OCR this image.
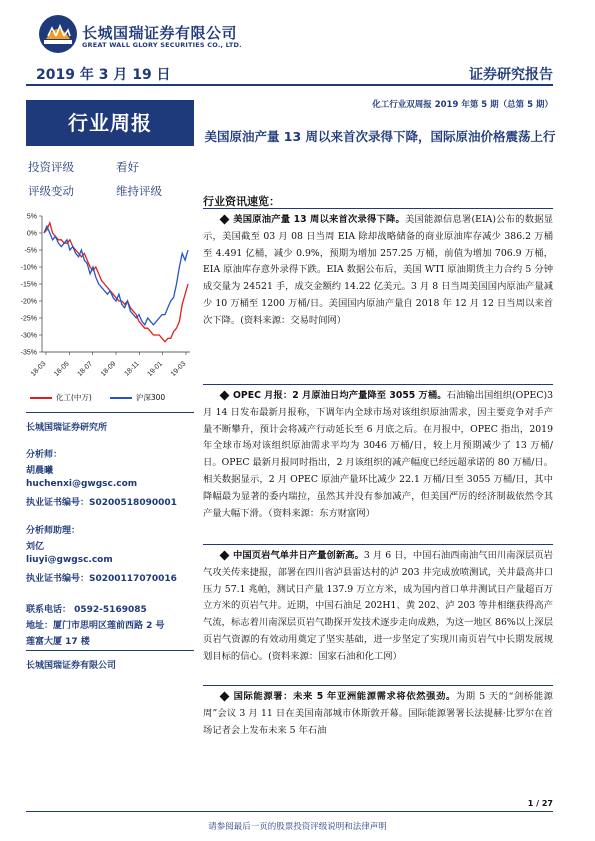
长城国瑞证券有限公司
GREAT WALL GLORY SECURITIES CO., LTD.
2019 年 3 月 19 日	证券研究报告
化工行业双周报 2019 年第 5 期（总第 5 期）
行业周报
美国原油产量 13 周以来首次录得下降，国际原油价格震荡上行
投资评级	看好
评级变动	维持评级
5%
0%
-5%
-10%
-15%
-20%
-25%
-30%
-35%
18-03 18-05 18-07 18-09 18-11 19-01 19-03
化工(中万)	沪深300
长城国瑞证券研究所
分析师：
胡晨曦
huchenxi@gwgsc.com
执业证书编号：S0200518090001
分析师助理：
刘亿
liuyi@gwgsc.com
执业证书编号：S0200117070016
联系电话： 0592-5169085
地址：厦门市思明区莲前西路 2 号
莲富大厦 17 楼
长城国瑞证券有限公司
行业资讯速览：
美国原油产量 13 周以来首次录得下降。美国能源信息署(EIA)公布的数据显示，美国截至 03 月 08 日当周 EIA 除却战略储备的商业原油库存减少 386.2 万桶至 4.491 亿桶，减少 0.9%，预期为增加 257.25 万桶，前值为增加 706.9 万桶，EIA 原油库存意外录得下跌。EIA 数据公布后，美国 WTI 原油期货主力合约 5 分钟成交量为 24521 手，成交金额约 14.22 亿美元。3 月 8 日当周美国国内原油产量减少 10 万桶至 1200 万桶/日。美国国内原油产量自 2018 年 12 月 12 日当周以来首次下降。(资料来源：交易时间网）
OPEC 月报：2 月原油日均产量降至 3055 万桶。石油输出国组织(OPEC)3 月 14 日发布最新月报称，下调年内全球市场对该组织原油需求，因主要竞争对手产量不断攀升，预计会将减产行动延长至 6 月底之后。在月报中，OPEC 指出，2019 年全球市场对该组织原油需求平均为 3046 万桶/日，较上月预期减少了 13 万桶/日。OPEC 最新月报同时指出，2 月该组织的减产幅度已经远超承诺的 80 万桶/日。相关数据显示，2 月 OPEC 原油产量环比减少 22.1 万桶/日至 3055 万桶/日，其中降幅最为显著的委内瑞拉，虽然其并没有参加减产，但美国严厉的经济制裁依然令其产量大幅下滑。（资料来源：东方财富网）
中国页岩气单井日产量创新高。3 月 6 日，中国石油西南油气田川南深层页岩气攻关传来捷报，部署在四川省泸县雷达村的泸 203 井完成放喷测试，关井最高井口压力 57.1 兆帕，测试日产量 137.9 万立方米，成为国内首口单井测试日产量超百万立方米的页岩气井。近期，中国石油足 202H1、黄 202、泸 203 等井相继获得高产气流，标志着川南深层页岩气勘探开发技术逐步走向成熟，为这一地区 86%以上深层页岩气资源的有效动用奠定了坚实基础，进一步坚定了实现川南页岩气中长期发展规划目标的信心。(资料来源：国家石油和化工网）
国际能源署：未来 5 年亚洲能源需求将依然强劲。为期 5 天的“剑桥能源周”会议 3 月 11 日在美国南部城市休斯敦开幕。国际能源署署长法提赫·比罗尔在首场记者会上发布未来 5 年石油
1 / 27
请参阅最后一页的股票投资评级说明和法律声明
